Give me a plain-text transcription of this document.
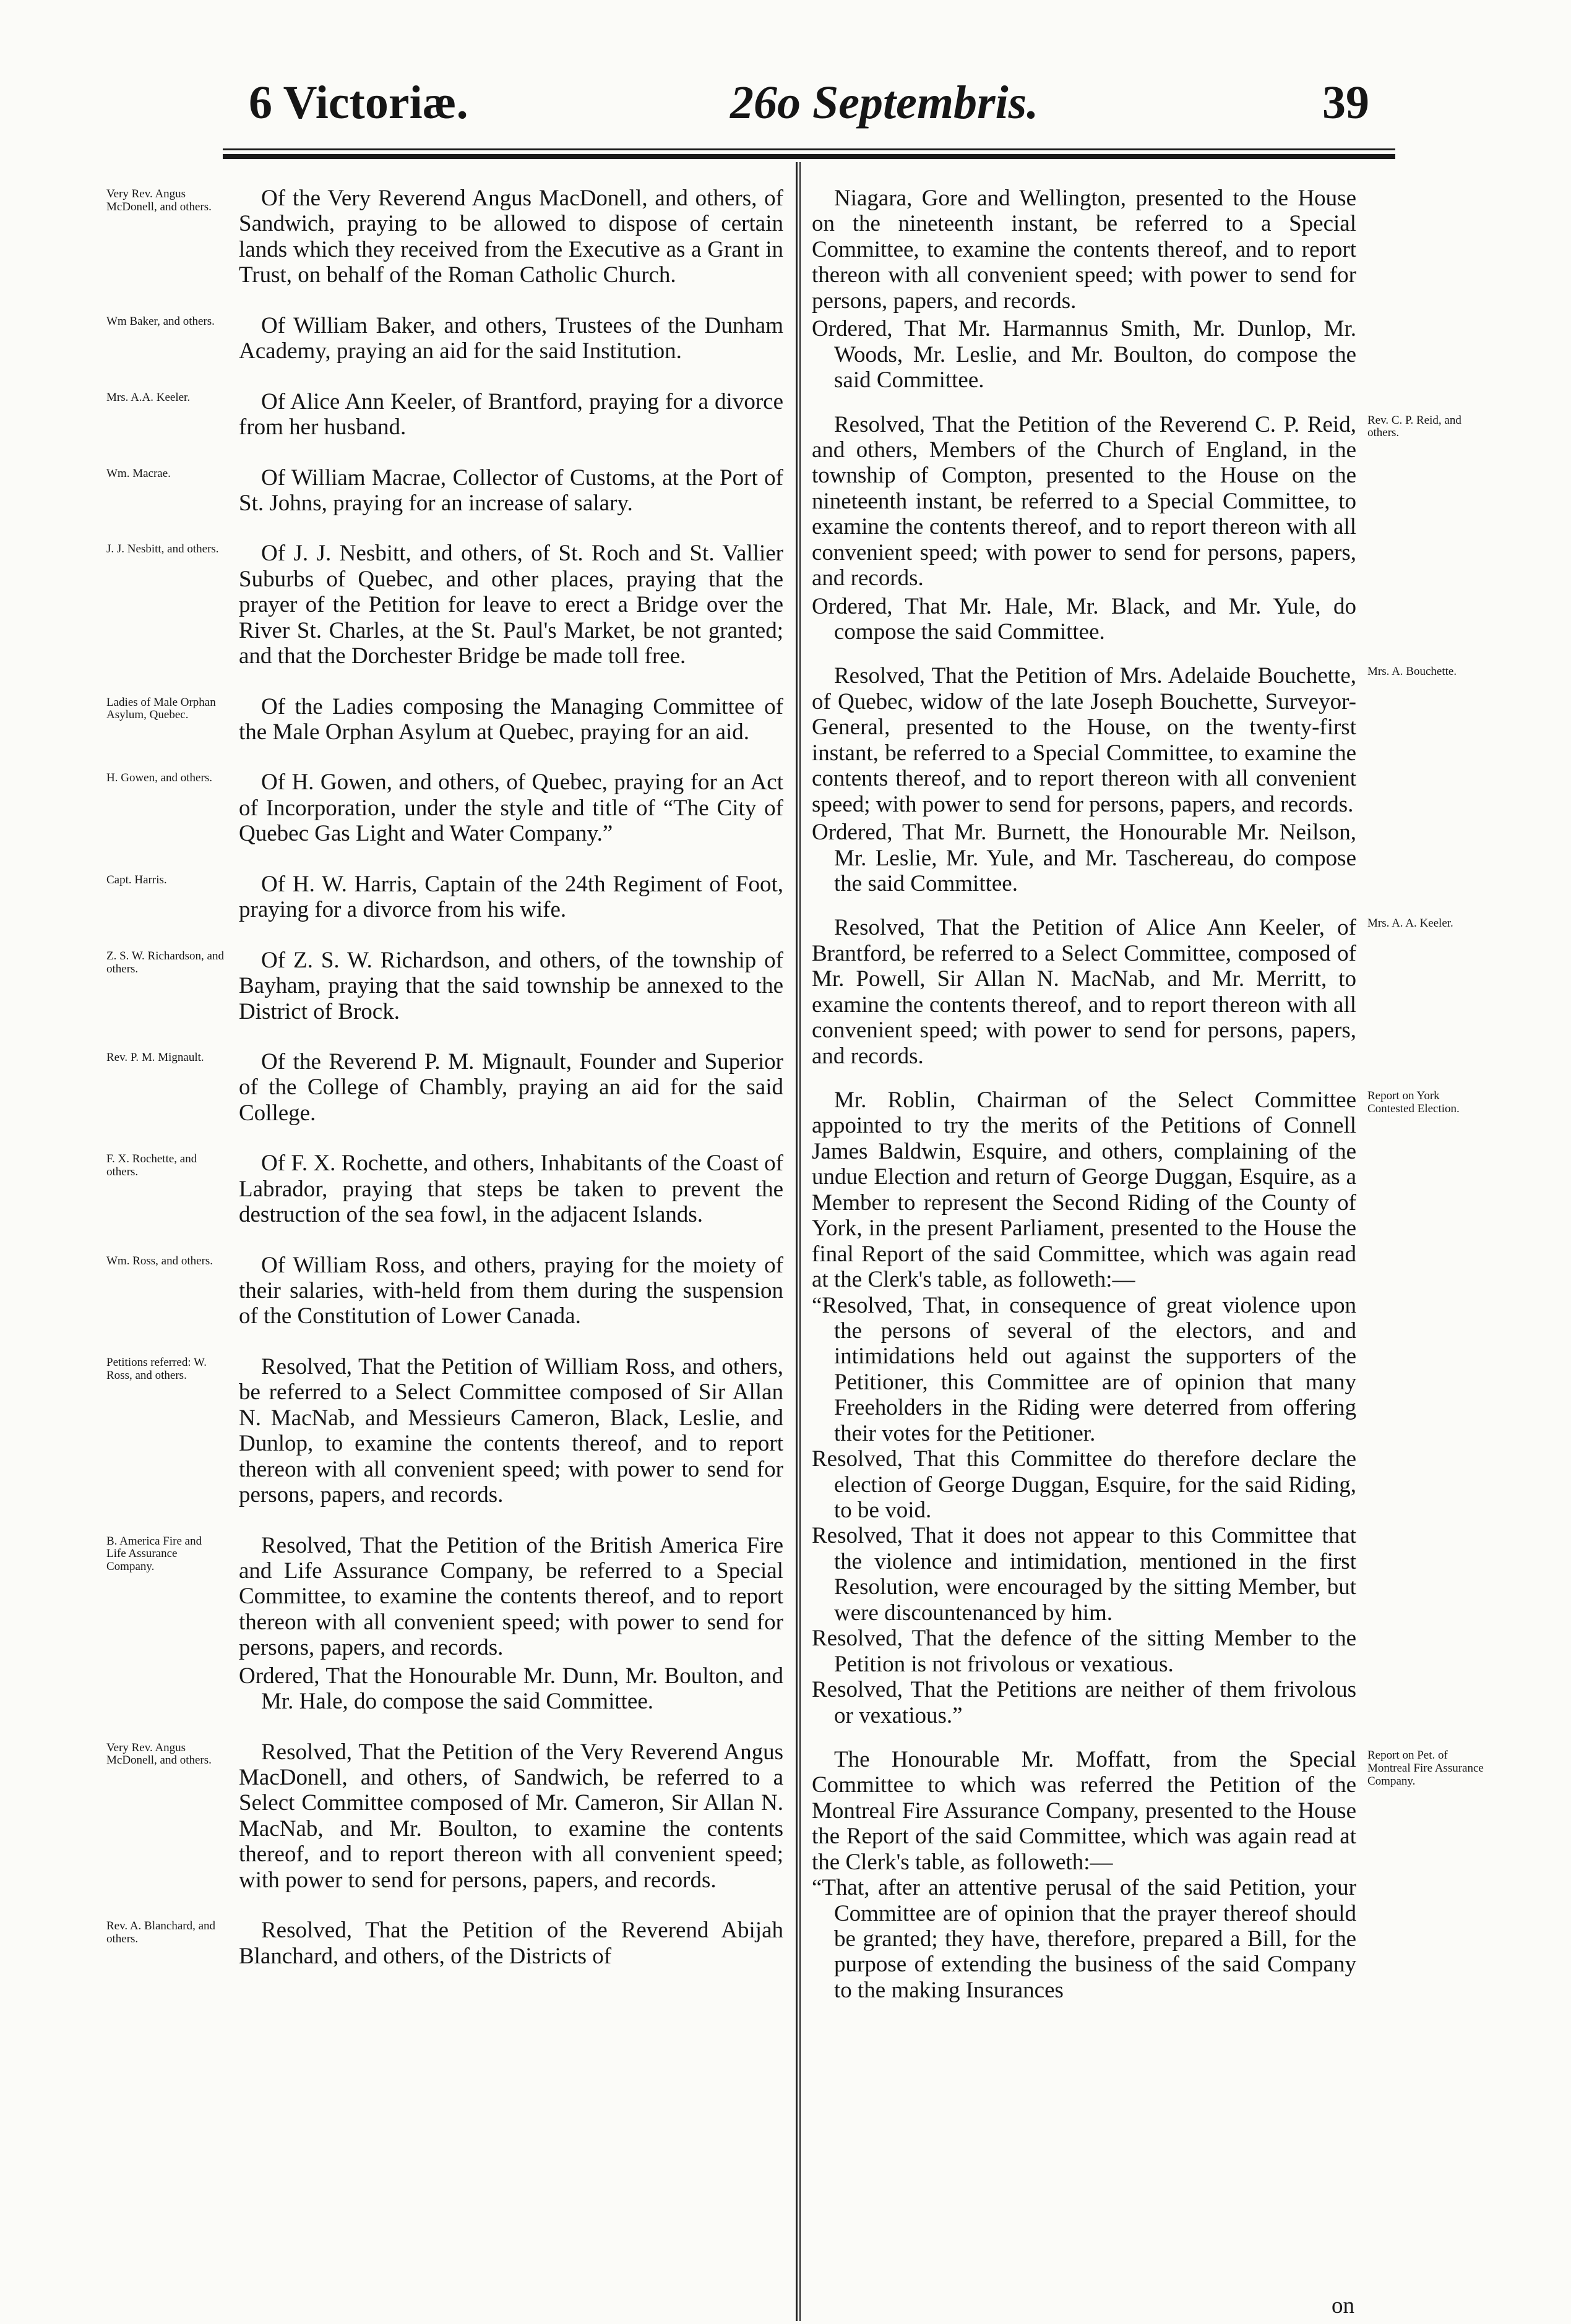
6 Victoriæ.	26o Septembris.	39
Very Rev. Angus McDonell, and others.	Of the Very Reverend Angus MacDonell, and others, of Sandwich, praying to be allowed to dispose of certain lands which they received from the Executive as a Grant in Trust, on behalf of the Roman Catholic Church.

Wm Baker, and others.	Of William Baker, and others, Trustees of the Dunham Academy, praying an aid for the said Institution.

Mrs. A.A. Keeler.	Of Alice Ann Keeler, of Brantford, praying for a divorce from her husband.

Wm. Macrae.	Of William Macrae, Collector of Customs, at the Port of St. Johns, praying for an increase of salary.

J. J. Nesbitt, and others.	Of J. J. Nesbitt, and others, of St. Roch and St. Vallier Suburbs of Quebec, and other places, praying that the prayer of the Petition for leave to erect a Bridge over the River St. Charles, at the St. Paul's Market, be not granted; and that the Dorchester Bridge be made toll free.

Ladies of Male Orphan Asylum, Quebec.	Of the Ladies composing the Managing Committee of the Male Orphan Asylum at Quebec, praying for an aid.

H. Gowen, and others.	Of H. Gowen, and others, of Quebec, praying for an Act of Incorporation, under the style and title of “The City of Quebec Gas Light and Water Company.”

Capt. Harris.	Of H. W. Harris, Captain of the 24th Regiment of Foot, praying for a divorce from his wife.

Z. S. W. Richardson, and others.	Of Z. S. W. Richardson, and others, of the township of Bayham, praying that the said township be annexed to the District of Brock.

Rev. P. M. Mignault.	Of the Reverend P. M. Mignault, Founder and Superior of the College of Chambly, praying an aid for the said College.

F. X. Rochette, and others.	Of F. X. Rochette, and others, Inhabitants of the Coast of Labrador, praying that steps be taken to prevent the destruction of the sea fowl, in the adjacent Islands.

Wm. Ross, and others.	Of William Ross, and others, praying for the moiety of their salaries, with-held from them during the suspension of the Constitution of Lower Canada.

Petitions referred: W. Ross, and others.	Resolved, That the Petition of William Ross, and others, be referred to a Select Committee composed of Sir Allan N. MacNab, and Messieurs Cameron, Black, Leslie, and Dunlop, to examine the contents thereof, and to report thereon with all convenient speed; with power to send for persons, papers, and records.

B. America Fire and Life Assurance Company.

Resolved, That the Petition of the British America Fire and Life Assurance Company, be referred to a Special Committee, to examine the contents thereof, and to report thereon with all convenient speed; with power to send for persons, papers, and records.

Ordered, That the Honourable Mr. Dunn, Mr. Boulton, and Mr. Hale, do compose the said Committee.

Very Rev. Angus McDonell, and others.	Resolved, That the Petition of the Very Reverend Angus MacDonell, and others, of Sandwich, be referred to a Select Committee composed of Mr. Cameron, Sir Allan N. MacNab, and Mr. Boulton, to examine the contents thereof, and to report thereon with all convenient speed; with power to send for persons, papers, and records.

Rev. A. Blanchard, and others.	Resolved, That the Petition of the Reverend Abijah Blanchard, and others, of the Districts of

Niagara, Gore and Wellington, presented to the House on the nineteenth instant, be referred to a Special Committee, to examine the contents thereof, and to report thereon with all convenient speed; with power to send for persons, papers, and records.

Ordered, That Mr. Harmannus Smith, Mr. Dunlop, Mr. Woods, Mr. Leslie, and Mr. Boulton, do compose the said Committee.

Rev. C. P. Reid, and others.

Resolved, That the Petition of the Reverend C. P. Reid, and others, Members of the Church of England, in the township of Compton, presented to the House on the nineteenth instant, be referred to a Special Committee, to examine the contents thereof, and to report thereon with all convenient speed; with power to send for persons, papers, and records.

Ordered, That Mr. Hale, Mr. Black, and Mr. Yule, do compose the said Committee.

Mrs. A. Bouchette.

Resolved, That the Petition of Mrs. Adelaide Bouchette, of Quebec, widow of the late Joseph Bouchette, Surveyor-General, presented to the House, on the twenty-first instant, be referred to a Special Committee, to examine the contents thereof, and to report thereon with all convenient speed; with power to send for persons, papers, and records.

Ordered, That Mr. Burnett, the Honourable Mr. Neilson, Mr. Leslie, Mr. Yule, and Mr. Taschereau, do compose the said Committee.

Mrs. A. A. Keeler.

Resolved, That the Petition of Alice Ann Keeler, of Brantford, be referred to a Select Committee, composed of Mr. Powell, Sir Allan N. MacNab, and Mr. Merritt, to examine the contents thereof, and to report thereon with all convenient speed; with power to send for persons, papers, and records.

Report on York Contested Election.

Mr. Roblin, Chairman of the Select Committee appointed to try the merits of the Petitions of Connell James Baldwin, Esquire, and others, complaining of the undue Election and return of George Duggan, Esquire, as a Member to represent the Second Riding of the County of York, in the present Parliament, presented to the House the final Report of the said Committee, which was again read at the Clerk's table, as followeth:—

“Resolved, That, in consequence of great violence upon the persons of several of the electors, and and intimidations held out against the supporters of the Petitioner, this Committee are of opinion that many Freeholders in the Riding were deterred from offering their votes for the Petitioner.

Resolved, That this Committee do therefore declare the election of George Duggan, Esquire, for the said Riding, to be void.

Resolved, That it does not appear to this Committee that the violence and intimidation, mentioned in the first Resolution, were encouraged by the sitting Member, but were discountenanced by him.

Resolved, That the defence of the sitting Member to the Petition is not frivolous or vexatious.

Resolved, That the Petitions are neither of them frivolous or vexatious.”

Report on Pet. of Montreal Fire Assurance Company.

The Honourable Mr. Moffatt, from the Special Committee to which was referred the Petition of the Montreal Fire Assurance Company, presented to the House the Report of the said Committee, which was again read at the Clerk's table, as followeth:—

“That, after an attentive perusal of the said Petition, your Committee are of opinion that the prayer thereof should be granted; they have, therefore, prepared a Bill, for the purpose of extending the business of the said Company to the making Insurances

on
